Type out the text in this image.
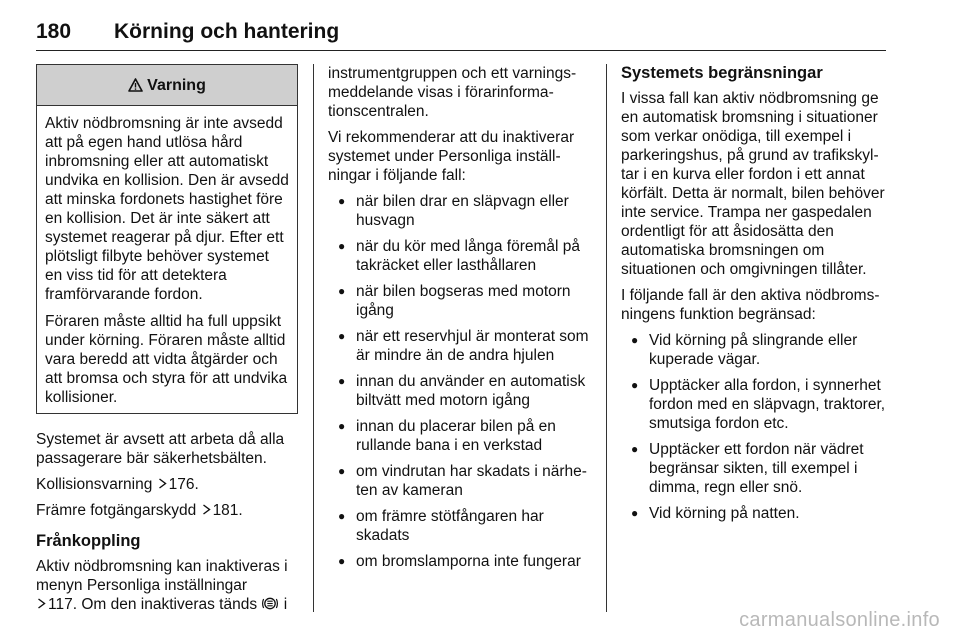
180 Körning och hantering
Varning

Aktiv nödbromsning är inte avsedd att på egen hand utlösa hård inbromsning eller att automatiskt undvika en kollision. Den är avsedd att minska fordonets hastighet före en kollision. Det är inte säkert att systemet reagerar på djur. Efter ett plötsligt filbyte behöver systemet en viss tid för att detektera framförvarande fordon.

Föraren måste alltid ha full uppsikt under körning. Föraren måste alltid vara beredd att vidta åtgärder och att bromsa och styra för att undvika kollisioner.

Systemet är avsett att arbeta då alla passagerare bär säkerhetsbälten.

Kollisionsvarning 176.

Främre fotgängarskydd 181.

Frånkoppling

Aktiv nödbromsning kan inaktiveras i menyn Personliga inställningar
117. Om den inaktiveras tänds i

instrumentgruppen och ett varningsmeddelande visas i förarinformationscentralen.

Vi rekommenderar att du inaktiverar systemet under Personliga inställningar i följande fall:

● när bilen drar en släpvagn eller husvagn
● när du kör med långa föremål på takräcket eller lasthållaren
● när bilen bogseras med motorn igång
● när ett reservhjul är monterat som är mindre än de andra hjulen
● innan du använder en automatisk biltvätt med motorn igång
● innan du placerar bilen på en rullande bana i en verkstad
● om vindrutan har skadats i närheten av kameran
● om främre stötfångaren har skadats
● om bromslamporna inte fungerar
Systemets begränsningar

I vissa fall kan aktiv nödbromsning ge en automatisk bromsning i situationer som verkar onödiga, till exempel i parkeringshus, på grund av trafikskyltar i en kurva eller fordon i ett annat körfält. Detta är normalt, bilen behöver inte service. Trampa ner gaspedalen ordentligt för att åsidosätta den automatiska bromsningen om situationen och omgivningen tillåter.

I följande fall är den aktiva nödbromsningens funktion begränsad:

● Vid körning på slingrande eller kuperade vägar.
● Upptäcker alla fordon, i synnerhet fordon med en släpvagn, traktorer, smutsiga fordon etc.
● Upptäcker ett fordon när vädret begränsar sikten, till exempel i dimma, regn eller snö.
● Vid körning på natten.
carmanualsonline.info
